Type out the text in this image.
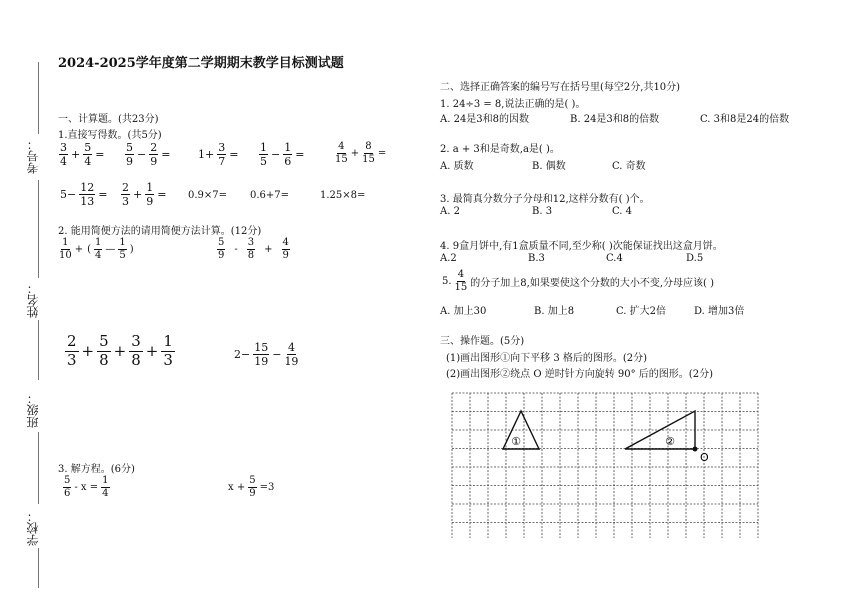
2024-2025学年度第二学期期末教学目标测试题
考号：
姓名：
班级：
学校：
一、计算题。(共23分)
1.直接写得数。(共5分)
$\frac{3}{4} + \frac{5}{4} = \frac{5}{9} - \frac{2}{9}$ =	$1+ \frac{3}{7} = \frac{1}{5} - \frac{1}{6}$ =	$\frac{4}{15} + \frac{8}{15}$ =
$5- \frac{12}{13} = \frac{2}{3} + \frac{1}{9} = 0.9\times 7= 0.6+7=$	1.25×8=
2. 能用简便方法的请用简便方法计算。(12分)
$\frac{1}{10}$ + ( $\frac{1}{4}$ — $\frac{1}{5}$ )	$\frac{5}{9} - \frac{3}{8} + \frac{4}{9}$
$\frac{2}{3} + \frac{5}{8} + \frac{3}{8} + \frac{1}{3}$	$2- \frac{15}{19} - \frac{4}{19}$
3. 解方程。(6分)
$\frac{5}{6} - x = \frac{1}{4}$	$x + \frac{5}{9} =3$
二、选择正确答案的编号写在括号里(每空2分,共10分)
1. 24÷3 = 8,说法正确的是( )。
A. 24是3和8的因数	B. 24是3和8的倍数	C. 3和8是24的倍数
2. a + 3和是奇数,a是( )。
A. 质数	B. 偶数	C. 奇数
3. 最简真分数分子分母和12,这样分数有( )个。
A. 2	B. 3	C. 4
4. 9盒月饼中,有1盒质量不同,至少称( )次能保证找出这盒月饼。
A.2	B.3	C.4	D.5
5. $\frac{4}{15}$ 的分子加上8,如果要使这个分数的大小不变,分母应该( )
A. 加上30	B. 加上8	C. 扩大2倍	D. 增加3倍
三、操作题。(5分)
(1)画出图形①向下平移 3 格后的图形。(2分)
(2)画出图形②绕点 O 逆时针方向旋转 90° 后的图形。(2分)
①	②
O
